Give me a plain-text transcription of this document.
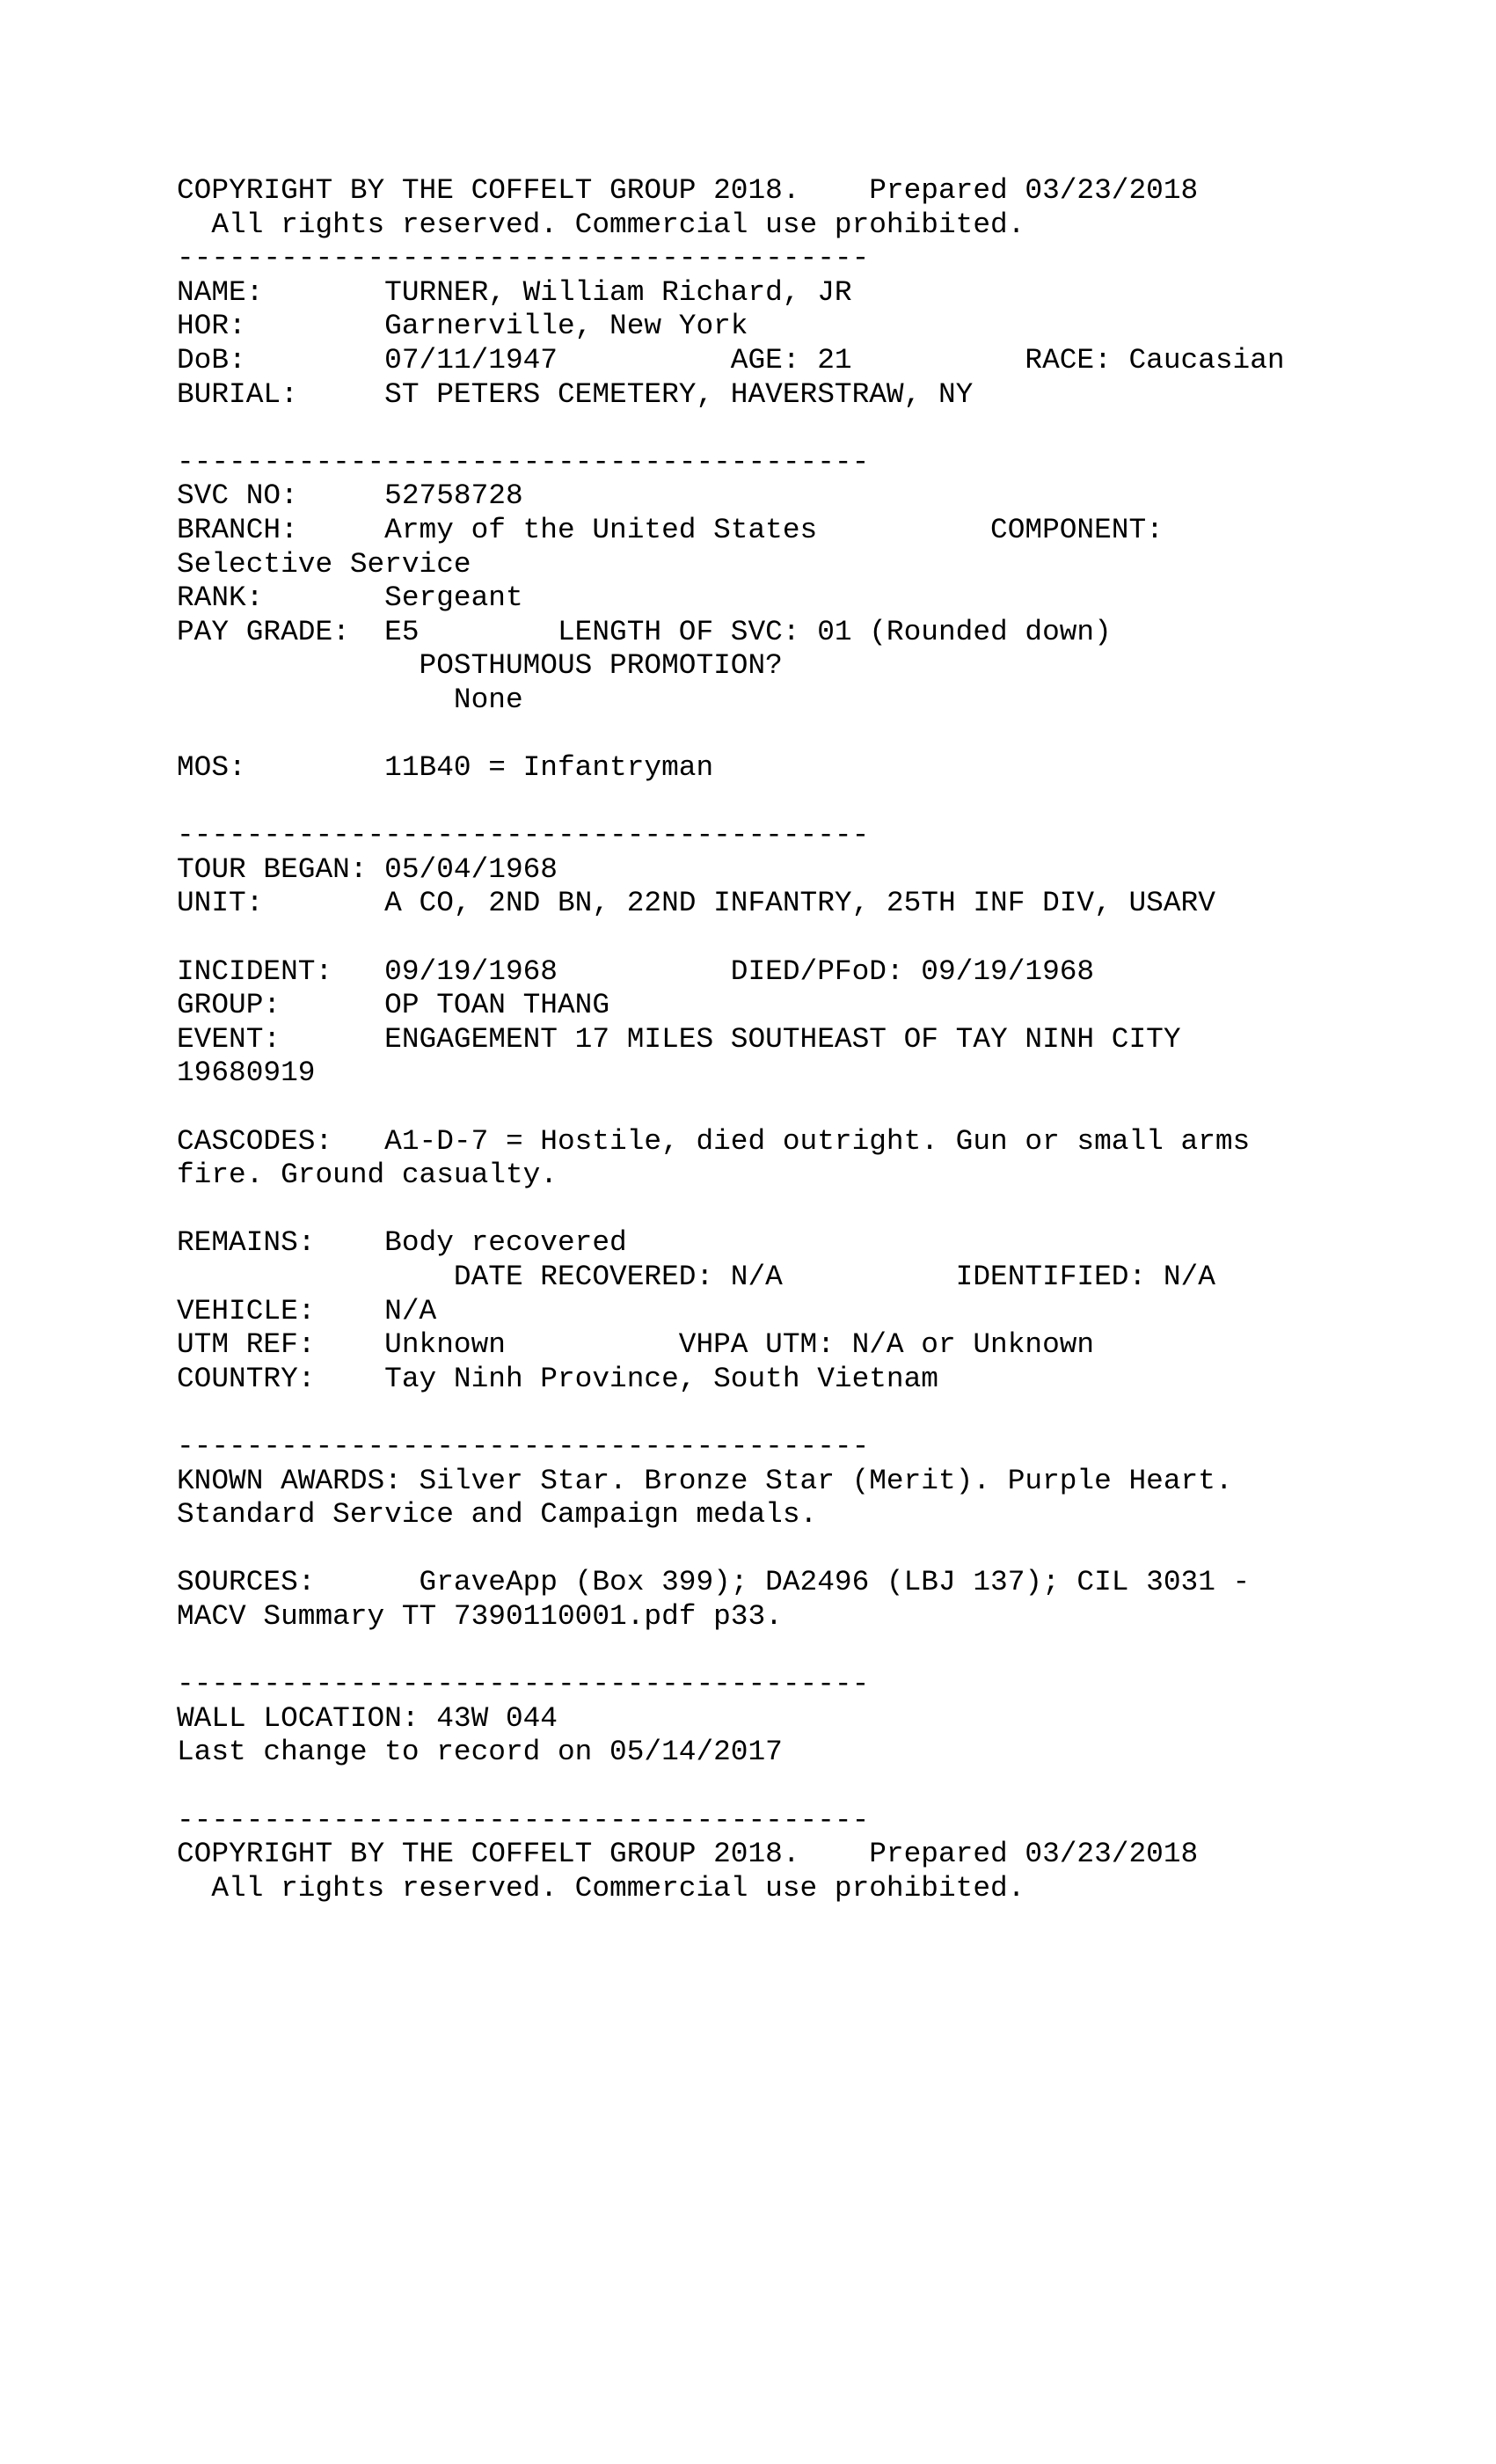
COPYRIGHT BY THE COFFELT GROUP 2018.    Prepared 03/23/2018
All rights reserved. Commercial use prohibited.
----------------------------------------
NAME:       TURNER, William Richard, JR
HOR:        Garnerville, New York
DoB:        07/11/1947          AGE: 21          RACE: Caucasian
BURIAL:     ST PETERS CEMETERY, HAVERSTRAW, NY
----------------------------------------
SVC NO:     52758728
BRANCH:     Army of the United States          COMPONENT:
Selective Service
RANK:       Sergeant
PAY GRADE:  E5        LENGTH OF SVC: 01 (Rounded down)
POSTHUMOUS PROMOTION?
None
MOS:        11B40 = Infantryman
----------------------------------------
TOUR BEGAN: 05/04/1968
UNIT:       A CO, 2ND BN, 22ND INFANTRY, 25TH INF DIV, USARV
INCIDENT:   09/19/1968          DIED/PFoD: 09/19/1968
GROUP:      OP TOAN THANG
EVENT:      ENGAGEMENT 17 MILES SOUTHEAST OF TAY NINH CITY
19680919
CASCODES:   A1-D-7 = Hostile, died outright. Gun or small arms
fire. Ground casualty.
REMAINS:    Body recovered
DATE RECOVERED: N/A          IDENTIFIED: N/A
VEHICLE:    N/A
UTM REF:    Unknown          VHPA UTM: N/A or Unknown
COUNTRY:    Tay Ninh Province, South Vietnam
----------------------------------------
KNOWN AWARDS: Silver Star. Bronze Star (Merit). Purple Heart.
Standard Service and Campaign medals.
SOURCES:      GraveApp (Box 399); DA2496 (LBJ 137); CIL 3031 -
MACV Summary TT 7390110001.pdf p33.
----------------------------------------
WALL LOCATION: 43W 044
Last change to record on 05/14/2017
----------------------------------------
COPYRIGHT BY THE COFFELT GROUP 2018.    Prepared 03/23/2018
All rights reserved. Commercial use prohibited.
